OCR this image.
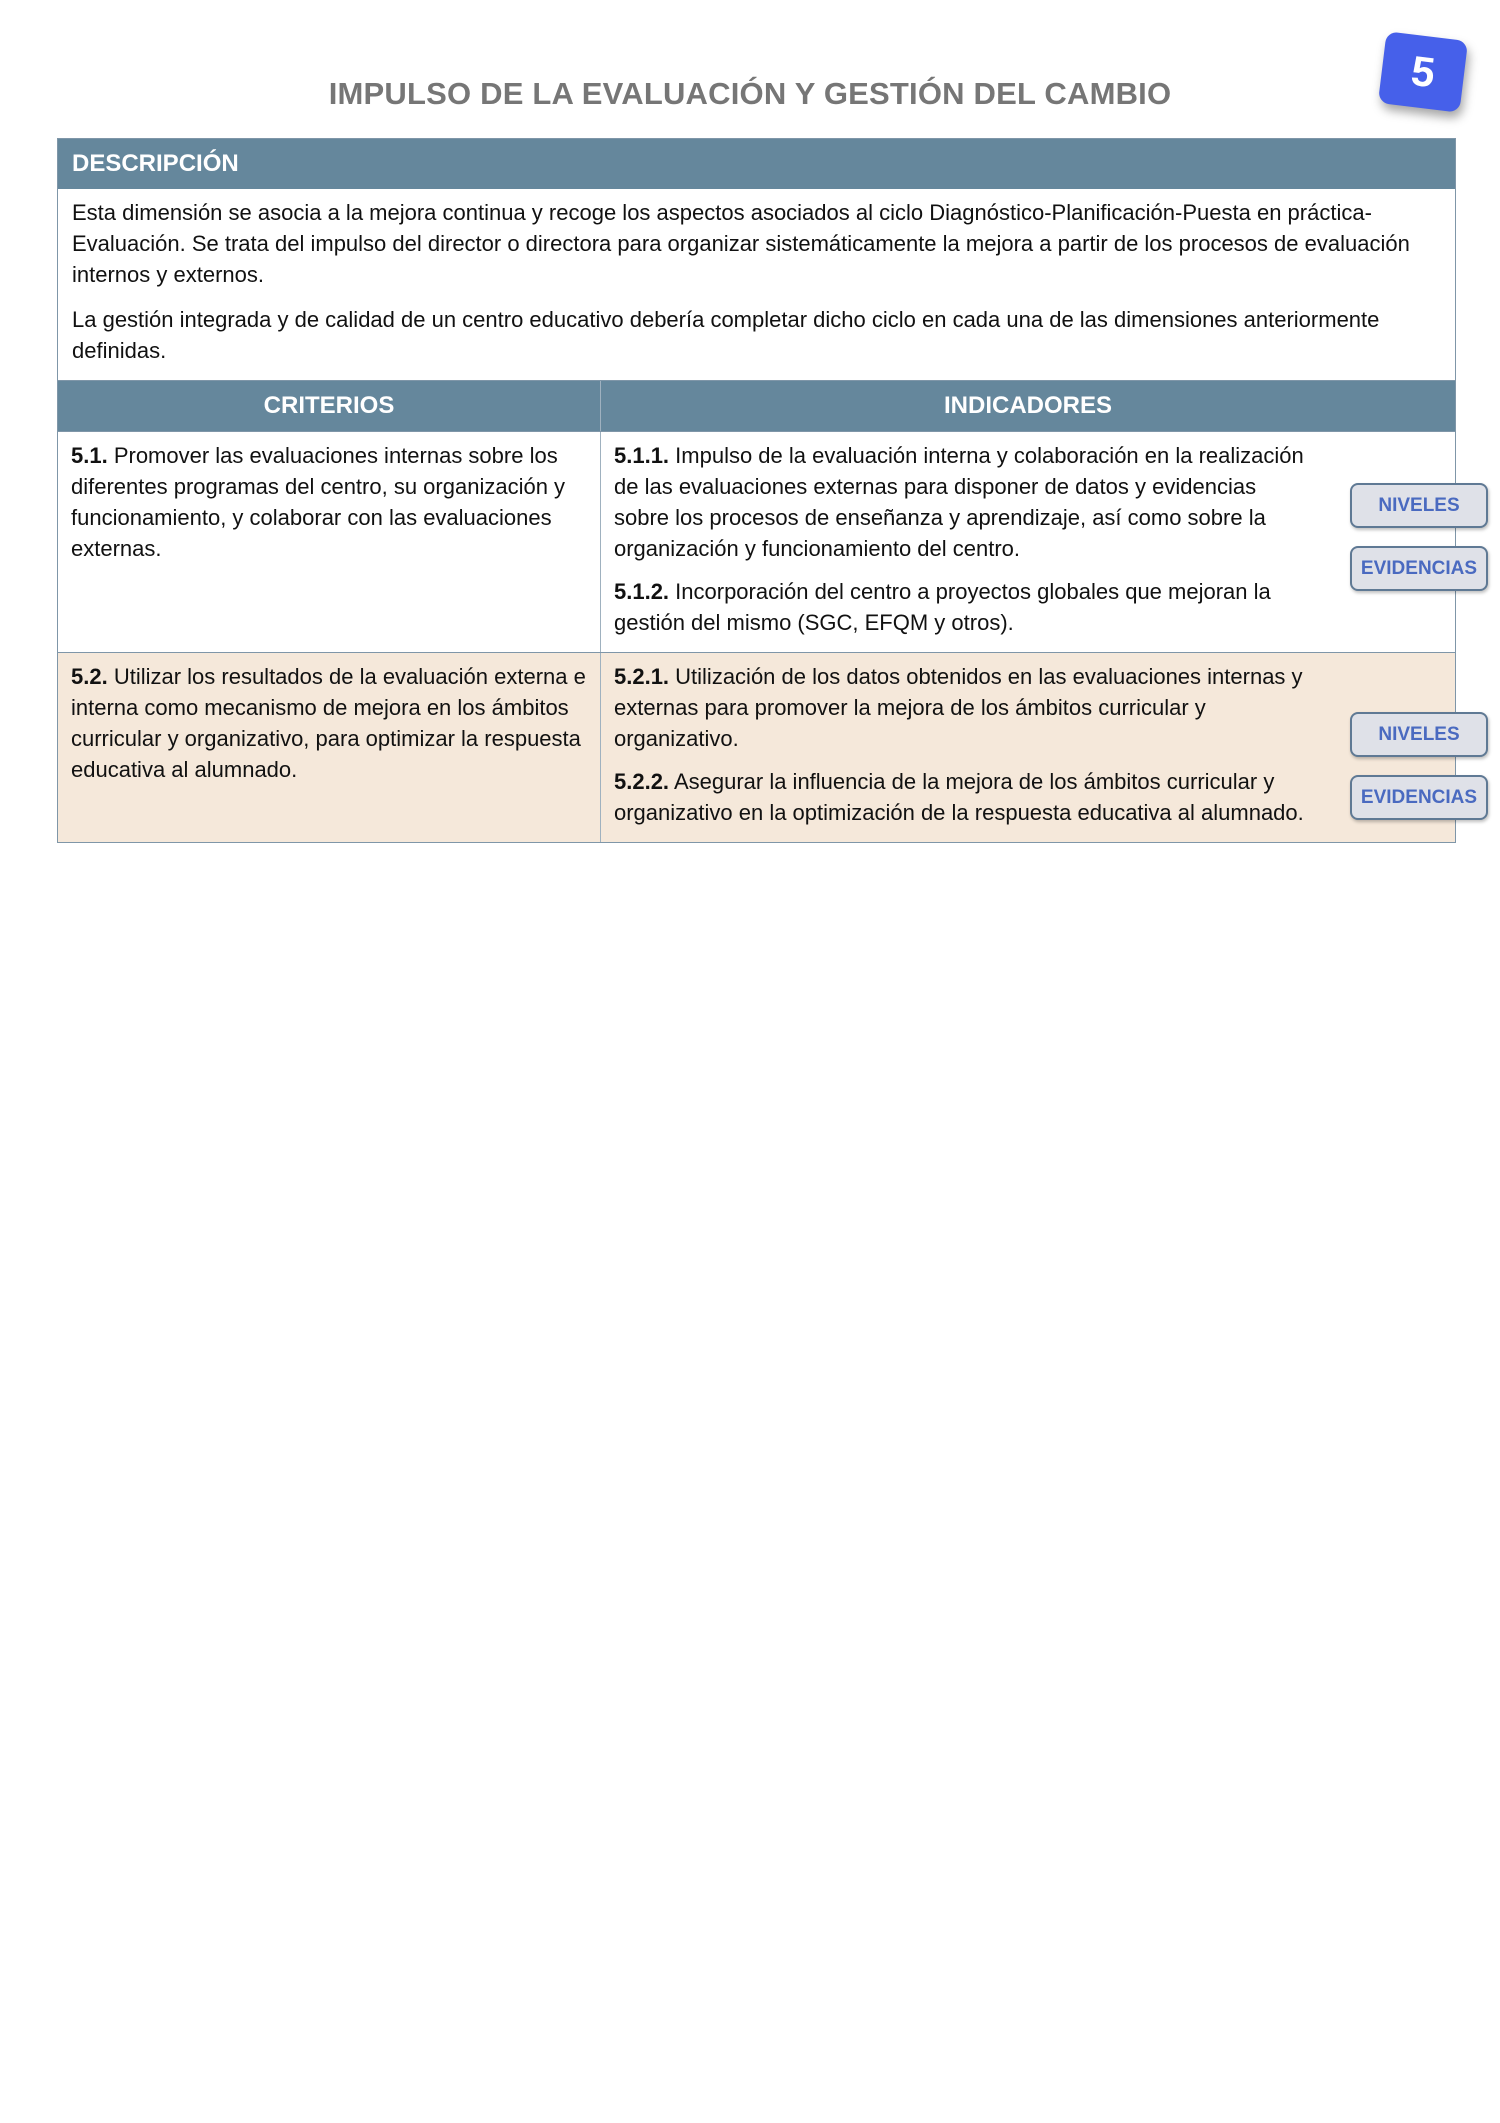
IMPULSO DE LA EVALUACIÓN Y GESTIÓN DEL CAMBIO	5
DESCRIPCIÓN

Esta dimensión se asocia a la mejora continua y recoge los aspectos asociados al ciclo Diagnóstico-Planificación-Puesta en práctica-Evaluación. Se trata del impulso del director o directora para organizar sistemáticamente la mejora a partir de los procesos de evaluación internos y externos.

La gestión integrada y de calidad de un centro educativo debería completar dicho ciclo en cada una de las dimensiones anteriormente definidas.

CRITERIOS	INDICADORES
5.1. Promover las evaluaciones internas sobre los diferentes programas del centro, su organización y funcionamiento, y colaborar con las evaluaciones externas.
5.1.1. Impulso de la evaluación interna y colaboración en la realización de las evaluaciones externas para disponer de datos y evidencias sobre los procesos de enseñanza y aprendizaje, así como sobre la organización y funcionamiento del centro.
5.1.2. Incorporación del centro a proyectos globales que mejoran la gestión del mismo (SGC, EFQM y otros).
5.2. Utilizar los resultados de la evaluación externa e interna como mecanismo de mejora en los ámbitos curricular y organizativo, para optimizar la respuesta educativa al alumnado.
5.2.1. Utilización de los datos obtenidos en las evaluaciones internas y externas para promover la mejora de los ámbitos curricular y organizativo.
5.2.2. Asegurar la influencia de la mejora de los ámbitos curricular y organizativo en la optimización de la respuesta educativa al alumnado.
NIVELES
EVIDENCIAS
NIVELES
EVIDENCIAS
